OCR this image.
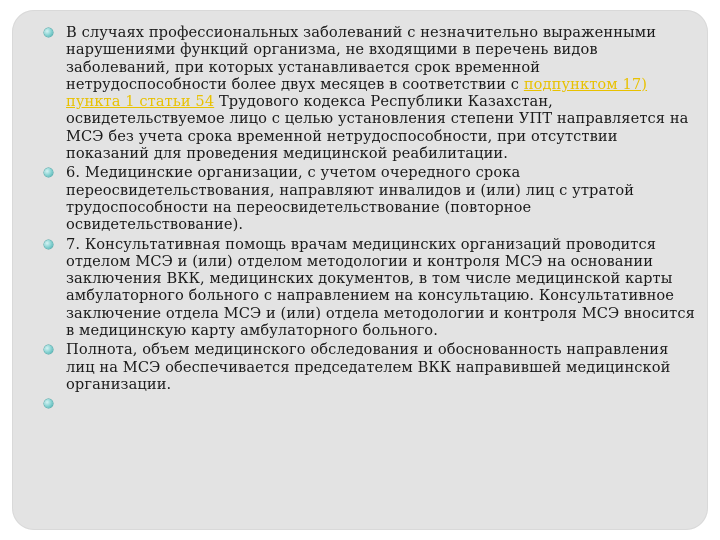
В случаях профессиональных заболеваний с незначительно выраженными нарушениями функций организма, не входящими в перечень видов заболеваний, при которых устанавливается срок временной нетрудоспособности более двух месяцев в соответствии с подпунктом 17) пункта 1 статьи 54 Трудового кодекса Республики Казахстан, освидетельствуемое лицо с целью установления степени УПТ направляется на МСЭ без учета срока временной нетрудоспособности, при отсутствии показаний для проведения медицинской реабилитации.
6. Медицинские организации, с учетом очередного срока переосвидетельствования, направляют инвалидов и (или) лиц с утратой трудоспособности на переосвидетельствование (повторное освидетельствование).
7. Консультативная помощь врачам медицинских организаций проводится отделом МСЭ и (или) отделом методологии и контроля МСЭ на основании заключения ВКК, медицинских документов, в том числе медицинской карты амбулаторного больного с направлением на консультацию. Консультативное заключение отдела МСЭ и (или) отдела методологии и контроля МСЭ вносится в медицинскую карту амбулаторного больного.
Полнота, объем медицинского обследования и обоснованность направления лиц на МСЭ обеспечивается председателем ВКК направившей медицинской организации.
